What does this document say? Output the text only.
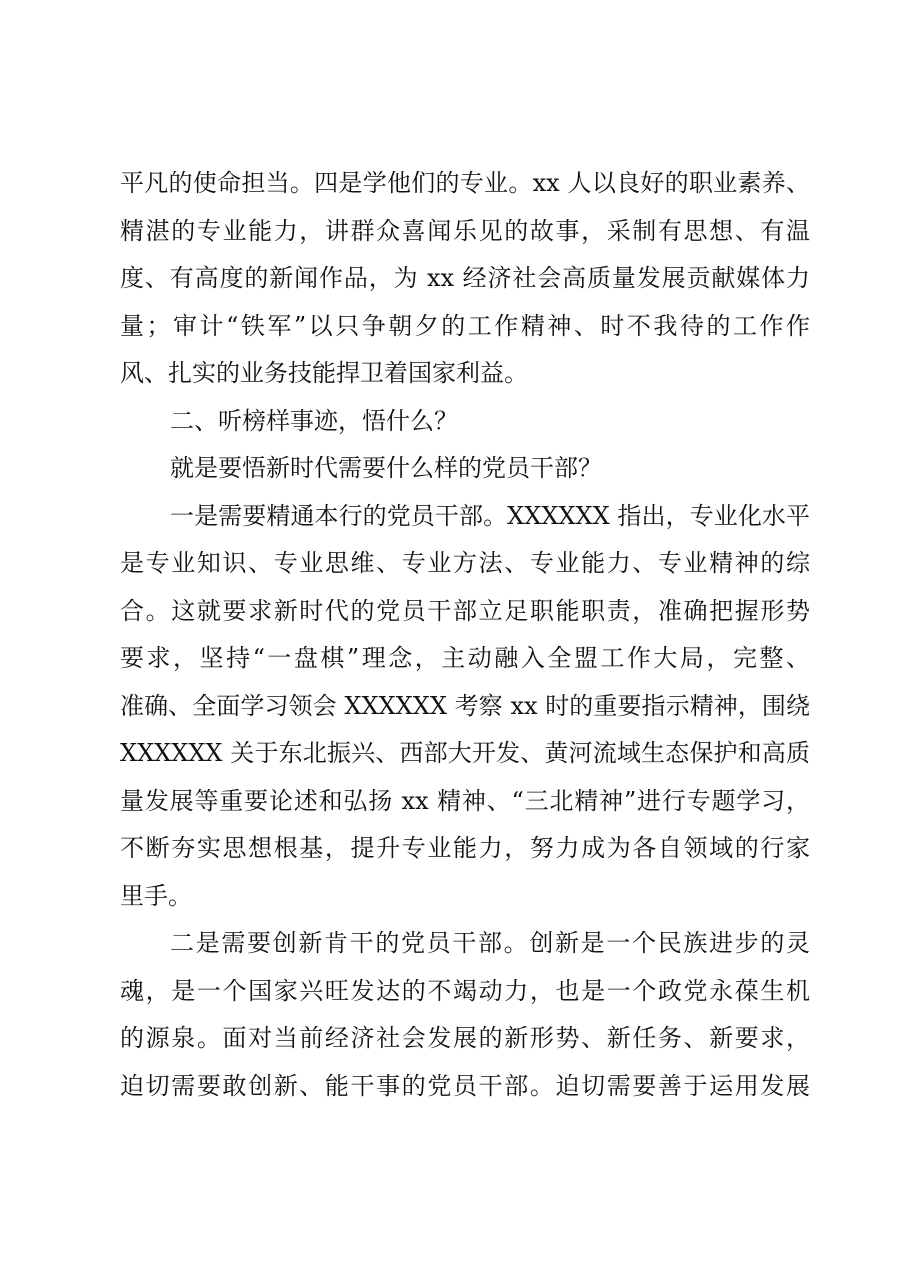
平凡的使命担当。四是学他们的专业。xx 人以良好的职业素养、
精湛的专业能力，讲群众喜闻乐见的故事，采制有思想、有温
度、有高度的新闻作品，为 xx 经济社会高质量发展贡献媒体力
量；审计“铁军”以只争朝夕的工作精神、时不我待的工作作
风、扎实的业务技能捍卫着国家利益。
二、听榜样事迹，悟什么？
就是要悟新时代需要什么样的党员干部？
一是需要精通本行的党员干部。XXXXXX 指出，专业化水平
是专业知识、专业思维、专业方法、专业能力、专业精神的综
合。这就要求新时代的党员干部立足职能职责，准确把握形势
要求，坚持“一盘棋”理念，主动融入全盟工作大局，完整、
准确、全面学习领会 XXXXXX 考察 xx 时的重要指示精神，围绕
XXXXXX 关于东北振兴、西部大开发、黄河流域生态保护和高质
量发展等重要论述和弘扬 xx 精神、“三北精神”进行专题学习，
不断夯实思想根基，提升专业能力，努力成为各自领域的行家
里手。
二是需要创新肯干的党员干部。创新是一个民族进步的灵
魂，是一个国家兴旺发达的不竭动力，也是一个政党永葆生机
的源泉。面对当前经济社会发展的新形势、新任务、新要求，
迫切需要敢创新、能干事的党员干部。迫切需要善于运用发展
